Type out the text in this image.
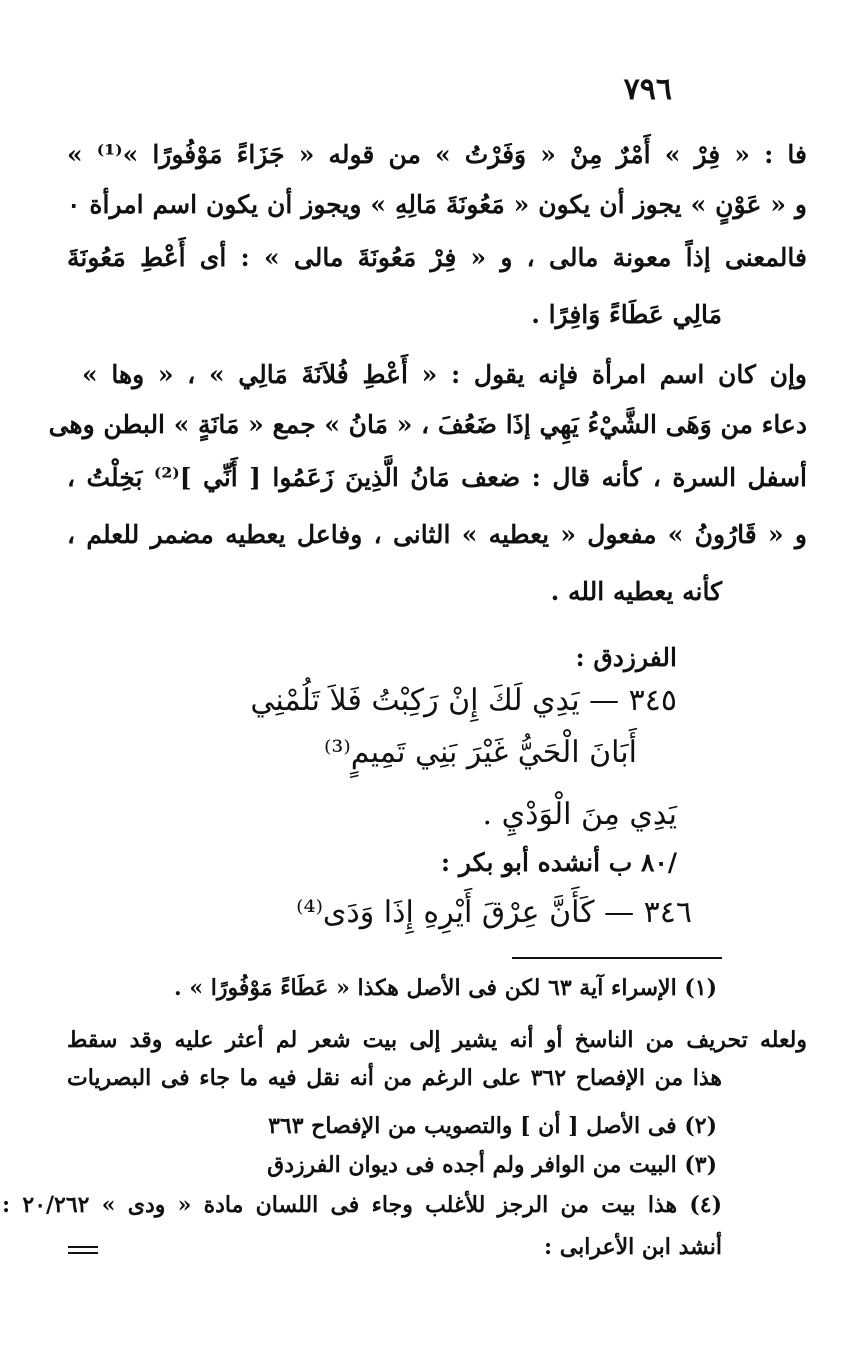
٧٩٦
فا : « فِرْ » أَمْرٌ مِنْ « وَفَرْتُ » من قوله « جَزَاءً مَوْفُورًا »⁽¹⁾ »
و « عَوْنٍ » يجوز أن يكون « مَعُونَةَ مَالِهِ » ويجوز أن يكون اسم امرأة ٠
فالمعنى إذاً معونة مالى ، و « فِرْ مَعُونَةَ مالى » : أى أَعْطِ مَعُونَةَ
مَالِي عَطَاءً وَافِرًا .
وإن كان اسم امرأة فإنه يقول : « أَعْطِ فُلاَنَةَ مَالِي » ، « وها »
دعاء من وَهَى الشَّيْءُ يَهِي إذَا ضَعُفَ ، « مَانُ » جمع « مَانَةٍ » البطن وهى
أسفل السرة ، كأنه قال : ضعف مَانُ الَّذِينَ زَعَمُوا [ أَنِّي ]⁽²⁾ بَخِلْتُ ،
و « قَارُونُ » مفعول « يعطيه » الثانى ، وفاعل يعطيه مضمر للعلم ،
كأنه يعطيه الله .
الفرزدق :
٣٤٥ — يَدِي لَكَ إِنْ رَكِبْتُ فَلاَ تَلُمْنِي
أَبَانَ الْحَيُّ غَيْرَ بَنِي تَمِيمٍ⁽³⁾
يَدِي مِنَ الْوَدْيِ .
/٨٠ ب أنشده أبو بكر :
٣٤٦ — كَأَنَّ عِرْقَ أَيْرِهِ إِذَا وَدَى⁽⁴⁾
(١) الإسراء آية ٦٣ لكن فى الأصل هكذا « عَطَاءً مَوْفُورًا » .
ولعله تحريف من الناسخ أو أنه يشير إلى بيت شعر لم أعثر عليه وقد سقط
هذا من الإفصاح ٣٦٢ على الرغم من أنه نقل فيه ما جاء فى البصريات
(٢) فى الأصل [ أن ] والتصويب من الإفصاح ٣٦٣
(٣) البيت من الوافر ولم أجده فى ديوان الفرزدق
(٤) هذا بيت من الرجز للأغلب وجاء فى اللسان مادة « ودى » ٢٠/٢٦٢ :
أنشد ابن الأعرابى :
